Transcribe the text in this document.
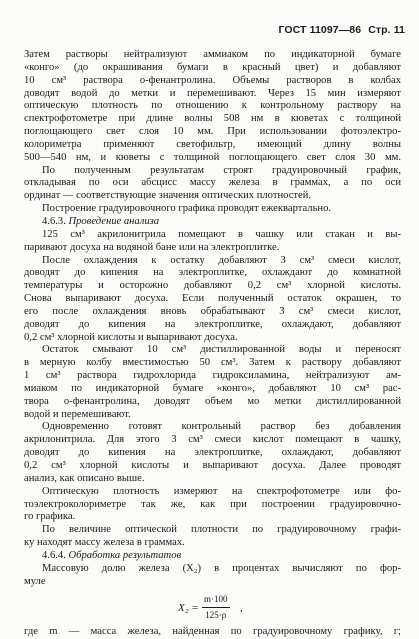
ГОСТ 11097—86 Стр. 11
Затем растворы нейтрализуют аммиаком по индикаторной бумаге
«конго» (до окрашивания бумаги в красный цвет) и добавляют
10 см³ раствора о-фенантролина. Объемы растворов в колбах
доводят водой до метки и перемешивают. Через 15 мин измеряют
оптическую плотность по отношению к контрольному раствору на
спектрофотометре при длине волны 508 нм в кюветах с толщиной
поглощающего свет слоя 10 мм. При использовании фотоэлектро-
колориметра применяют светофильтр, имеющий длину волны
500—540 нм, и кюветы с толщиной поглощающего свет слоя 30 мм.
По полученным результатам строят градуировочный график,
откладывая по оси абсцисс массу железа в граммах, а по оси
ординат — соответствующие значения оптических плотностей.
Построение градуировочного графика проводят ежеквартально.
4.6.3. Проведение анализа
125 см³ акрилонитрила помещают в чашку или стакан и вы-
паривают досуха на водяной бане или на электроплитке.
После охлаждения к остатку добавляют 3 см³ смеси кислот,
доводят до кипения на электроплитке, охлаждают до комнатной
температуры и осторожно добавляют 0,2 см³ хлорной кислоты.
Снова выпаривают досуха. Если полученный остаток окрашен, то
его после охлаждения вновь обрабатывают 3 см³ смеси кислот,
доводят до кипения на электроплитке, охлаждают, добавляют
0,2 см³ хлорной кислоты и выпаривают досуха.
Остаток смывают 10 см³ дистиллированной воды и переносят
в мерную колбу вместимостью 50 см³. Затем к раствору добавляют
1 см³ раствора гидрохлорида гидроксиламина, нейтрализуют ам-
миаком по индикаторной бумаге «конго», добавляют 10 см³ рас-
твора о-фенантролина, доводят объем мо метки дистиллированной
водой и перемешивают.
Одновременно готовят контрольный раствор без добавления
акрилонитрила. Для этого 3 см³ смеси кислот помещают в чашку,
доводят до кипения на электроплитке, охлаждают, добавляют
0,2 см³ хлорной кислоты и выпаривают досуха. Далее проводят
анализ, как описано выше.
Оптическую плотность измеряют на спектрофотометре или фо-
тоэлектроколориметре так же, как при построении градуировочно-
го графика.
По величине оптической плотности по градуировочному графи-
ку находят массу железа в граммах.
4.6.4. Обработка результатов
Массовую долю железа (X₂) в процентах вычисляют по фор-
муле
$X_2 = \frac{m\cdot 100}{125\cdot\rho}$ ,
где m — масса железа, найденная по градуировочному графику, г;
